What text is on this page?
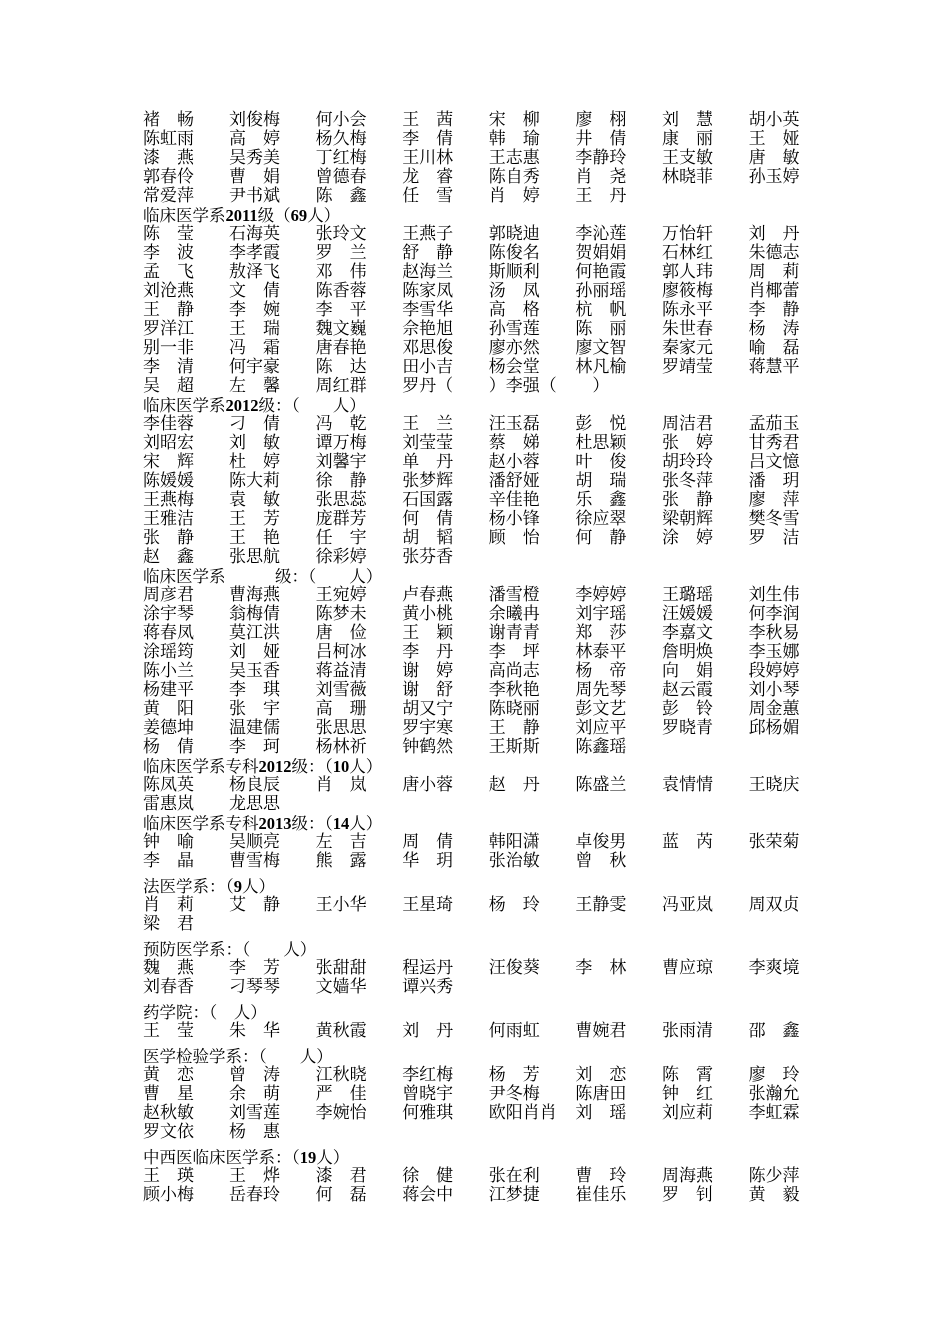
褚　畅	刘俊梅	何小会	王　茜	宋　柳	廖　栩	刘　慧	胡小英
陈虹雨	高　婷	杨久梅	李　倩	韩　瑜	井　倩	康　丽	王　娅
漆　燕	吴秀美	丁红梅	王川林	王志惠	李静玲	王支敏	唐　敏
郭春伶	曹　娟	曾德春	龙　睿	陈自秀	肖　尧	林晓菲	孙玉婷
常爱萍	尹书斌	陈　鑫	任　雪	肖　婷	王　丹
临床医学系2011级（69人）
陈　莹	石海英	张玲文	王燕子	郭晓迪	李沁莲	万怡轩	刘　丹
李　波	李孝霞	罗　兰	舒　静	陈俊名	贺娟娟	石林红	朱德志
孟　飞	敖泽飞	邓　伟	赵海兰	斯顺利	何艳霞	郭人玮	周　莉
刘沧燕	文　倩	陈香蓉	陈家凤	汤　凤	孙丽瑶	廖筱梅	肖椰蕾
王　静	李　婉	李　平	李雪华	高　格	杭　帆	陈永平	李　静
罗洋江	王　瑞	魏文巍	佘艳旭	孙雪莲	陈　丽	朱世春	杨　涛
别一非	冯　霜	唐春艳	邓思俊	廖亦然	廖文智	秦家元	喻　磊
李　清	何宇豪	陈　达	田小吉	杨会堂	林凡榆	罗靖莹	蒋慧平
吴　超	左　馨	周红群	罗丹（	）李强（	　）
临床医学系2012级：（　　人）
李佳蓉	刁　倩	冯　乾	王　兰	汪玉磊	彭　悦	周洁君	孟茄玉
刘昭宏	刘　敏	谭万梅	刘莹莹	蔡　娣	杜思颖	张　婷	甘秀君
宋　辉	杜　婷	刘馨宇	单　丹	赵小蓉	叶　俊	胡玲玲	吕文憶
陈媛媛	陈大莉	徐　静	张梦辉	潘舒娅	胡　瑞	张冬萍	潘　玥
王燕梅	袁　敏	张思蕊	石国露	辛佳艳	乐　鑫	张　静	廖　萍
王雅洁	王　芳	庞群芳	何　倩	杨小锋	徐应翠	梁朝辉	樊冬雪
张　静	王　艳	任　宇	胡　韬	顾　怡	何　静	涂　婷	罗　洁
赵　鑫	张思航	徐彩婷	张芬香
临床医学系　　　级：（　　人）
周彦君	曹海燕	王宛婷	卢春燕	潘雪橙	李婷婷	王璐瑶	刘生伟
涂宇琴	翁梅倩	陈梦未	黄小桃	余曦冉	刘宇瑶	汪媛媛	何李润
蒋春凤	莫江洪	唐　俭	王　颖	谢青青	郑　莎	李嘉文	李秋易
涂瑶筠	刘　娅	吕柯冰	李　丹	李　坪	林泰平	詹明焕	李玉娜
陈小兰	吴玉香	蒋益清	谢　婷	高尚志	杨　帝	向　娟	段婷婷
杨建平	李　琪	刘雪薇	谢　舒	李秋艳	周先琴	赵云霞	刘小琴
黄　阳	张　宇	高　珊	胡又宁	陈晓丽	彭文艺	彭　铃	周金蕙
姜德坤	温建儒	张思思	罗宇寒	王　静	刘应平	罗晓青	邱杨媚
杨　倩	李　珂	杨林祈	钟鹤然	王斯斯	陈鑫瑶
临床医学系专科2012级：（10人）
陈凤英	杨良辰	肖　岚	唐小蓉	赵　丹	陈盛兰	袁情情	王晓庆
雷惠岚	龙思思
临床医学系专科2013级：（14人）
钟　喻	吴顺亮	左　吉	周　倩	韩阳潇	卓俊男	蓝　芮	张荣菊
李　晶	曹雪梅	熊　露	华　玥	张治敏	曾　秋
法医学系：（9人）
肖　莉	艾　静	王小华	王星琦	杨　玲	王静雯	冯亚岚	周双贞
梁　君
预防医学系：（　　人）
魏　燕	李　芳	张甜甜	程运丹	汪俊葵	李　林	曹应琼	李爽境
刘春香	刁琴琴	文嫱华	谭兴秀
药学院：（　人）
王　莹	朱　华	黄秋霞	刘　丹	何雨虹	曹婉君	张雨清	邵　鑫
医学检验学系：（　　人）
黄　恋	曾　涛	江秋晓	李红梅	杨　芳	刘　恋	陈　霄	廖　玲
曹　星	余　萌	严　佳	曾晓宇	尹冬梅	陈唐田	钟　红	张瀚允
赵秋敏	刘雪莲	李婉怡	何雅琪	欧阳肖肖	刘　瑶	刘应莉	李虹霖
罗文依	杨　惠
中西医临床医学系：（19人）
王　瑛	王　烨	漆　君	徐　健	张在利	曹　玲	周海燕	陈少萍
顾小梅	岳春玲	何　磊	蒋会中	江梦捷	崔佳乐	罗　钊	黄　毅
